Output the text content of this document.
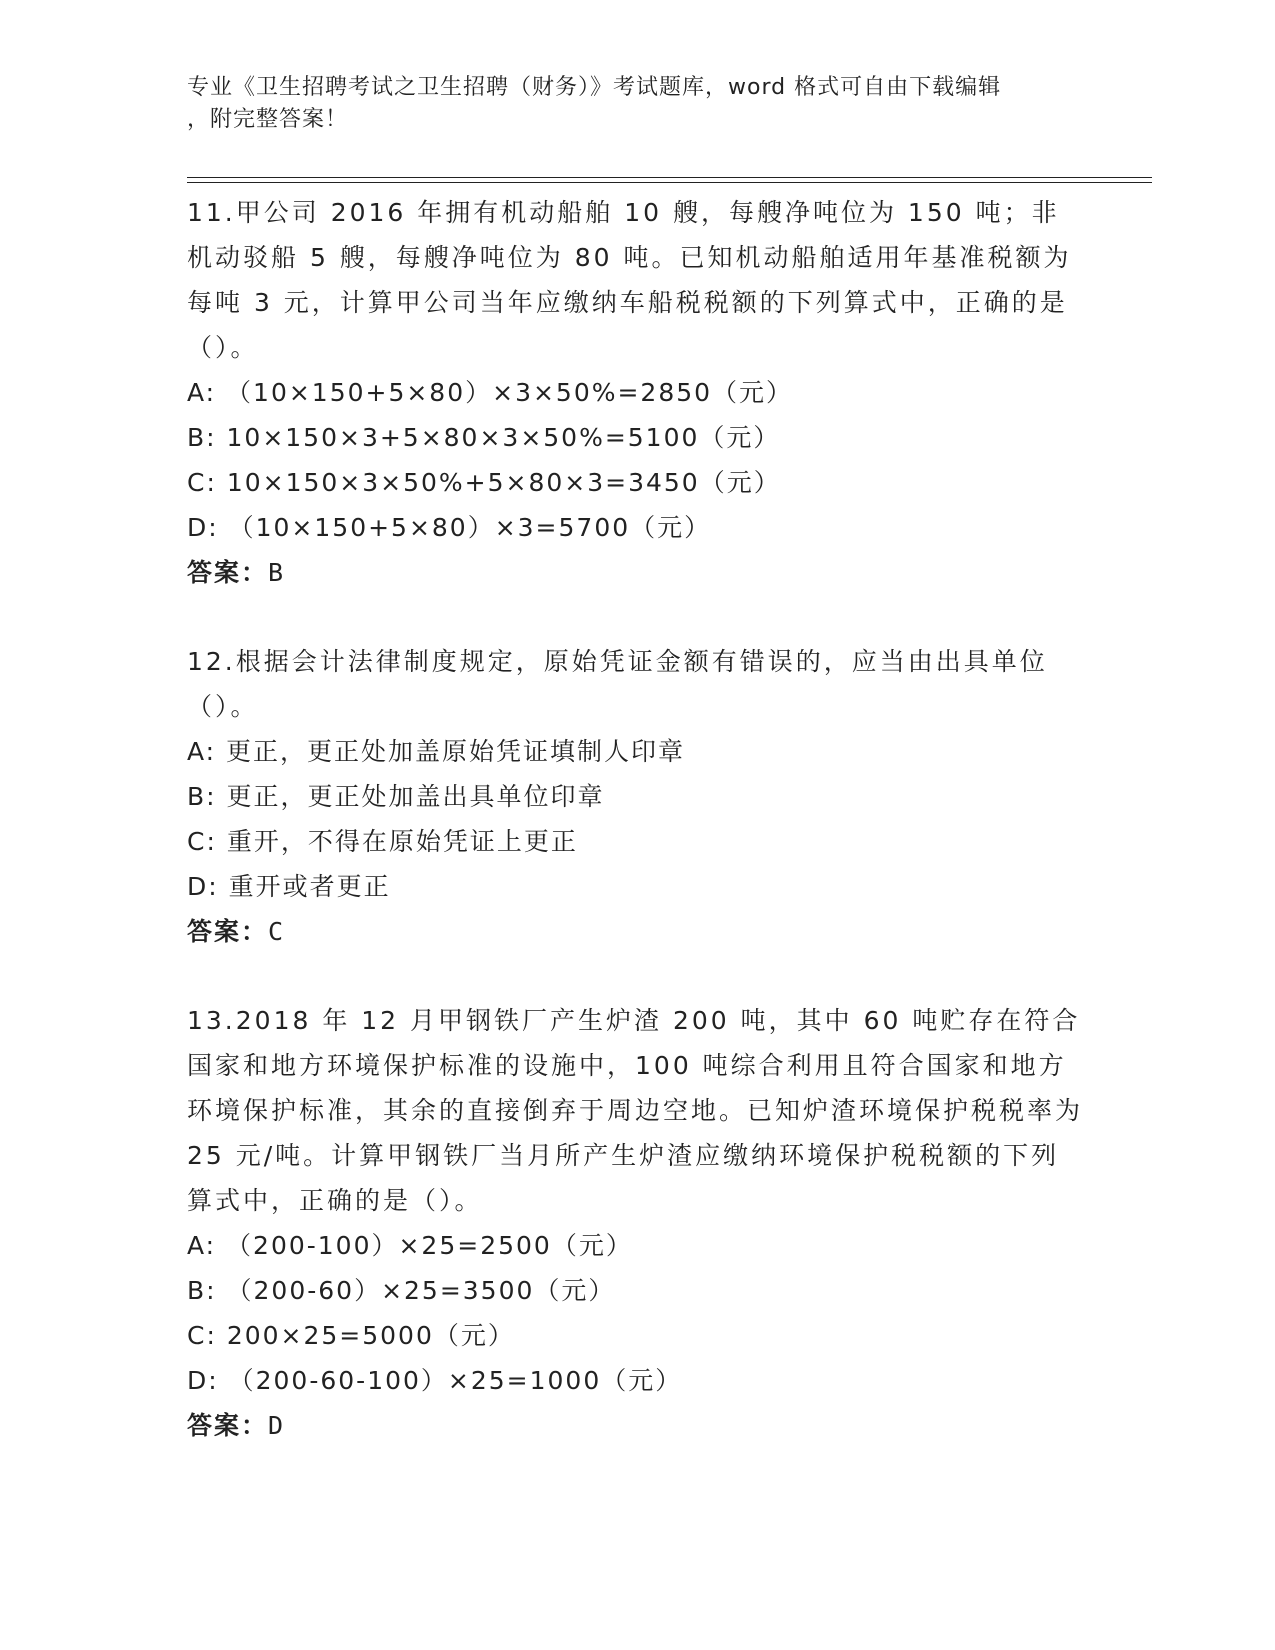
专业《卫生招聘考试之卫生招聘（财务）》考试题库，word 格式可自由下载编辑
，附完整答案！
11.甲公司 2016 年拥有机动船舶 10 艘，每艘净吨位为 150 吨；非机动驳船 5 艘，每艘净吨位为 80 吨。已知机动船舶适用年基准税额为每吨 3 元，计算甲公司当年应缴纳车船税税额的下列算式中，正确的是（）。
A: （10×150+5×80）×3×50%=2850（元）
B: 10×150×3+5×80×3×50%=5100（元）
C: 10×150×3×50%+5×80×3=3450（元）
D: （10×150+5×80）×3=5700（元）
答案：B
12.根据会计法律制度规定，原始凭证金额有错误的，应当由出具单位（）。
A: 更正，更正处加盖原始凭证填制人印章
B: 更正，更正处加盖出具单位印章
C: 重开，不得在原始凭证上更正
D: 重开或者更正
答案：C
13.2018 年 12 月甲钢铁厂产生炉渣 200 吨，其中 60 吨贮存在符合国家和地方环境保护标准的设施中，100 吨综合利用且符合国家和地方环境保护标准，其余的直接倒弃于周边空地。已知炉渣环境保护税税率为 25 元/吨。计算甲钢铁厂当月所产生炉渣应缴纳环境保护税税额的下列算式中，正确的是（）。
A: （200-100）×25=2500（元）
B: （200-60）×25=3500（元）
C: 200×25=5000（元）
D: （200-60-100）×25=1000（元）
答案：D
